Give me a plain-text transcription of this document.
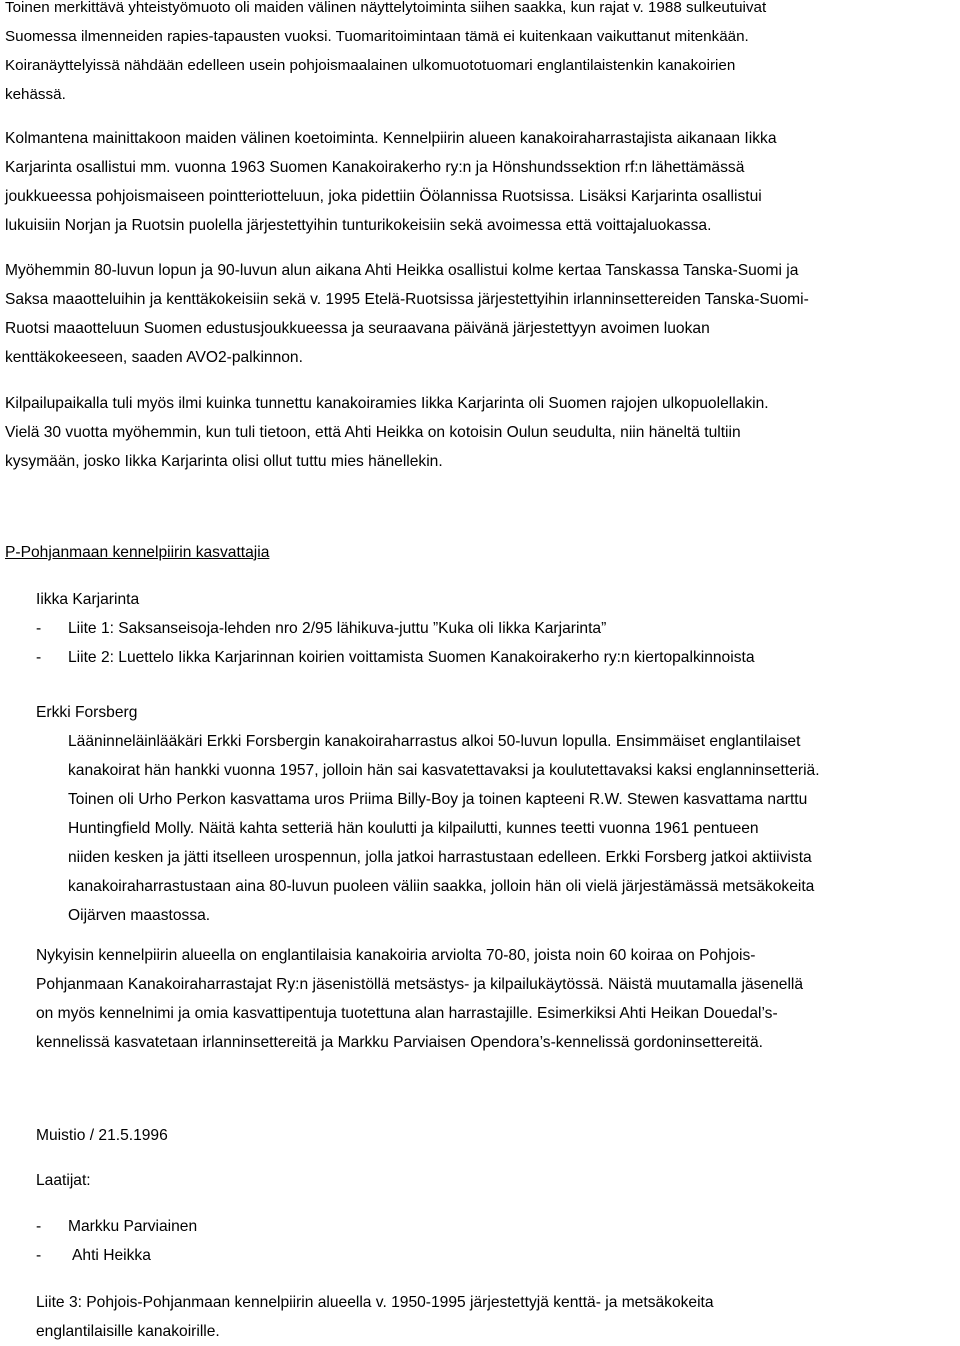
Toinen merkittävä yhteistyömuoto oli maiden välinen näyttelytoiminta siihen saakka, kun rajat v. 1988 sulkeutuivat
Suomessa ilmenneiden rapies-tapausten vuoksi. Tuomaritoimintaan tämä ei kuitenkaan vaikuttanut mitenkään.
Koiranäyttelyissä nähdään edelleen usein pohjoismaalainen ulkomuototuomari englantilaistenkin kanakoirien
kehässä.
Kolmantena mainittakoon maiden välinen koetoiminta. Kennelpiirin alueen kanakoiraharrastajista aikanaan Iikka
Karjarinta osallistui mm. vuonna 1963 Suomen Kanakoirakerho ry:n ja Hönshundssektion rf:n lähettämässä
joukkueessa pohjoismaiseen pointteriotteluun, joka pidettiin Öölannissa Ruotsissa. Lisäksi Karjarinta osallistui
lukuisiin Norjan ja Ruotsin puolella järjestettyihin tunturikokeisiin sekä avoimessa että voittajaluokassa.
Myöhemmin 80-luvun lopun ja 90-luvun alun aikana Ahti Heikka osallistui kolme kertaa Tanskassa Tanska-Suomi ja
Saksa maaotteluihin ja kenttäkokeisiin sekä v. 1995 Etelä-Ruotsissa järjestettyihin irlanninsettereiden Tanska-Suomi-
Ruotsi maaotteluun Suomen edustusjoukkueessa ja seuraavana päivänä järjestettyyn avoimen luokan
kenttäkokeeseen, saaden AVO2-palkinnon.
Kilpailupaikalla tuli myös ilmi kuinka tunnettu kanakoiramies Iikka Karjarinta oli Suomen rajojen ulkopuolellakin.
Vielä 30 vuotta myöhemmin, kun tuli tietoon, että Ahti Heikka on kotoisin Oulun seudulta, niin häneltä tultiin
kysymään, josko Iikka Karjarinta olisi ollut tuttu mies hänellekin.
P-Pohjanmaan kennelpiirin kasvattajia
Iikka Karjarinta
- Liite 1: Saksanseisoja-lehden nro 2/95 lähikuva-juttu ”Kuka oli Iikka Karjarinta”
- Liite 2: Luettelo Iikka Karjarinnan koirien voittamista Suomen Kanakoirakerho ry:n kiertopalkinnoista
Erkki Forsberg
Lääninneläinlääkäri Erkki Forsbergin kanakoiraharrastus alkoi 50-luvun lopulla. Ensimmäiset englantilaiset
kanakoirat hän hankki vuonna 1957, jolloin hän sai kasvatettavaksi ja koulutettavaksi kaksi englanninsetteriä.
Toinen oli Urho Perkon kasvattama uros Priima Billy-Boy ja toinen kapteeni R.W. Stewen kasvattama narttu
Huntingfield Molly. Näitä kahta setteriä hän koulutti ja kilpailutti, kunnes teetti vuonna 1961 pentueen
niiden kesken ja jätti itselleen urospennun, jolla jatkoi harrastustaan edelleen. Erkki Forsberg jatkoi aktiivista
kanakoiraharrastustaan aina 80-luvun puoleen väliin saakka, jolloin hän oli vielä järjestämässä metsäkokeita
Oijärven maastossa.
Nykyisin kennelpiirin alueella on englantilaisia kanakoiria arviolta 70-80, joista noin 60 koiraa on Pohjois-
Pohjanmaan Kanakoiraharrastajat Ry:n jäsenistöllä metsästys- ja kilpailukäytössä. Näistä muutamalla jäsenellä
on myös kennelnimi ja omia kasvattipentuja tuotettuna alan harrastajille. Esimerkiksi Ahti Heikan Douedal’s-
kennelissä kasvatetaan irlanninsettereitä ja Markku Parviaisen Opendora’s-kennelissä gordoninsettereitä.
Muistio / 21.5.1996
Laatijat:
- Markku Parviainen
- Ahti Heikka
Liite 3: Pohjois-Pohjanmaan kennelpiirin alueella v. 1950-1995 järjestettyjä kenttä- ja metsäkokeita
englantilaisille kanakoirille.
